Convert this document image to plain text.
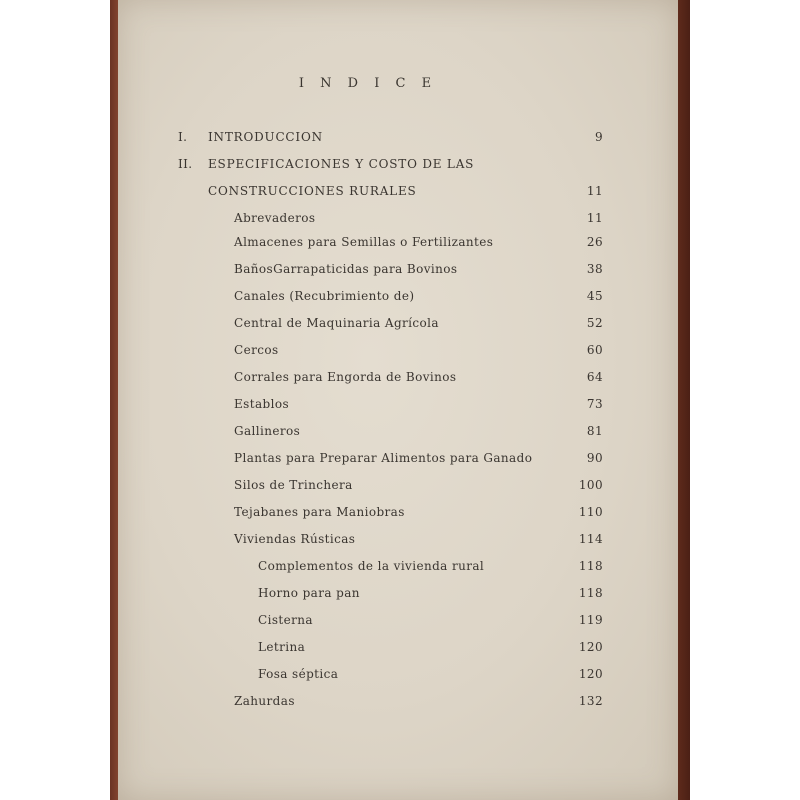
I N D I C E
I. INTRODUCCION	9
II. ESPECIFICACIONES Y COSTO DE LAS
CONSTRUCCIONES RURALES	11
Abrevaderos	11
Almacenes para Semillas o Fertilizantes	26
BañosGarrapaticidas para Bovinos	38
Canales (Recubrimiento de)	45
Central de Maquinaria Agrícola	52
Cercos	60
Corrales para Engorda de Bovinos	64
Establos	73
Gallineros	81
Plantas para Preparar Alimentos para Ganado	90
Silos de Trinchera	100
Tejabanes para Maniobras	110
Viviendas Rústicas	114
Complementos de la vivienda rural	118
Horno para pan	118
Cisterna	119
Letrina	120
Fosa séptica	120
Zahurdas	132
